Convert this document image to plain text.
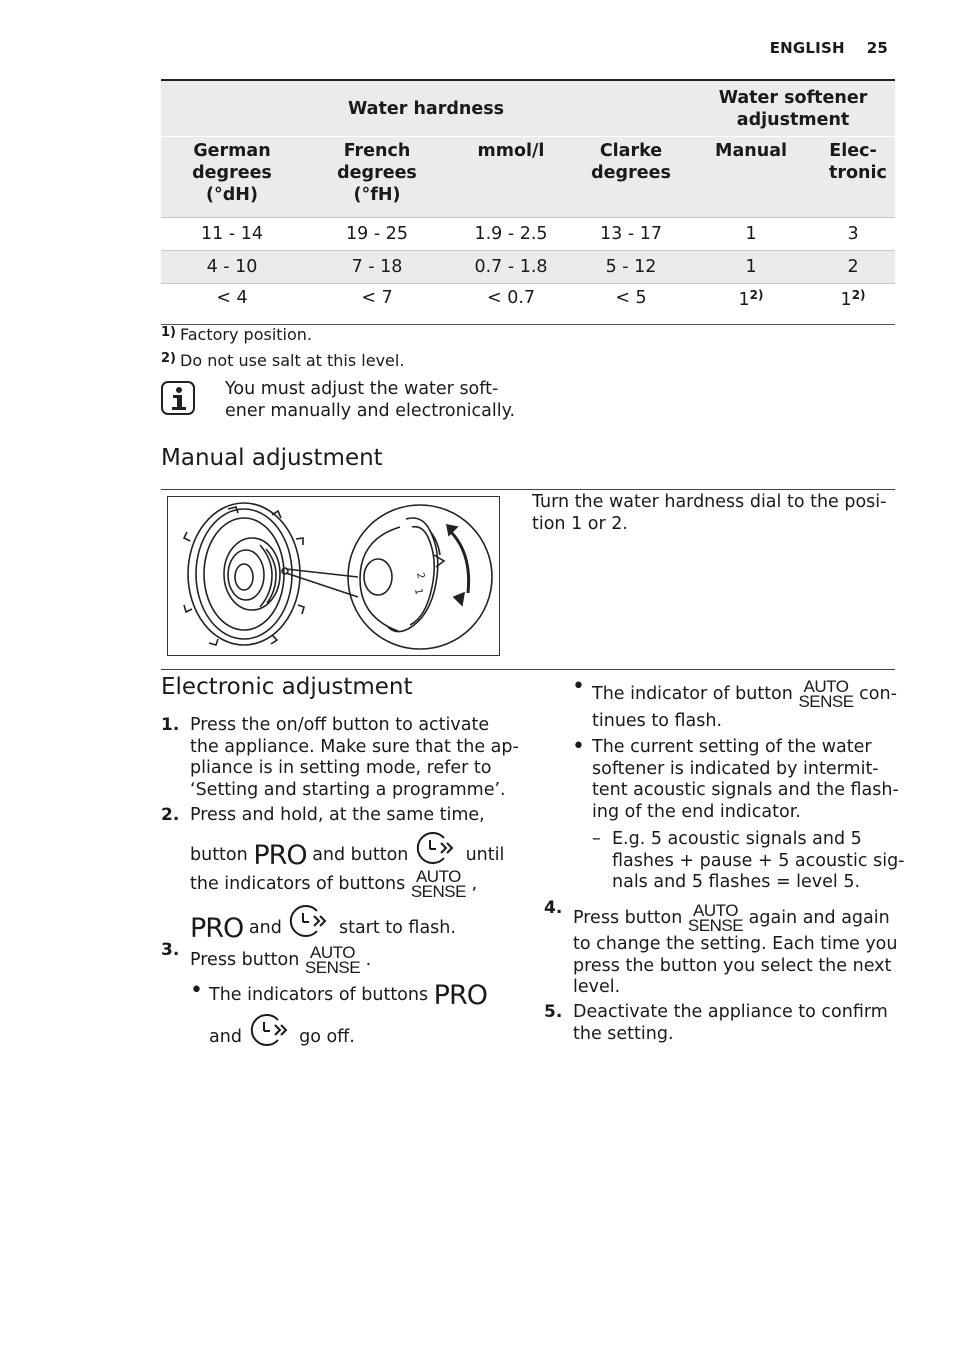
ENGLISH 25
Water hardness				Water softener adjustment	
German degrees (°dH)	French degrees (°fH)	mmol/l	Clarke degrees	Manual	Elec- tronic
11 - 14	19 - 25	1.9 - 2.5	13 - 17	1	3
4 - 10	7 - 18	0.7 - 1.8	5 - 12	1	2
< 4	< 7	< 0.7	< 5	1$^{2)}$	1$^{2)}$
$^{1)}$ Factory position.
$^{2)}$ Do not use salt at this level.
You must adjust the water soft-
ener manually and electronically.
Manual adjustment
2
1
Turn the water hardness dial to the posi-
tion 1 or 2.
Electronic adjustment
1. Press the on/off button to activate
the appliance. Make sure that the ap-
pliance is in setting mode, refer to
‘Setting and starting a programme’.
2. Press and hold, at the same time,
button PRO and button	until
the indicators of buttons AUTO
SENSE ,
PRO and	start to flash.
3. Press button AUTO
SENSE .
• The indicators of buttons PRO
and	go off.
• The indicator of button AUTO
SENSE con-
tinues to flash.
• The current setting of the water
softener is indicated by intermit-
tent acoustic signals and the flash-
ing of the end indicator.
– E.g. 5 acoustic signals and 5
flashes + pause + 5 acoustic sig-
nals and 5 flashes = level 5.
4. Press button AUTO
SENSE again and again
to change the setting. Each time you
press the button you select the next
level.
5. Deactivate the appliance to confirm
the setting.
